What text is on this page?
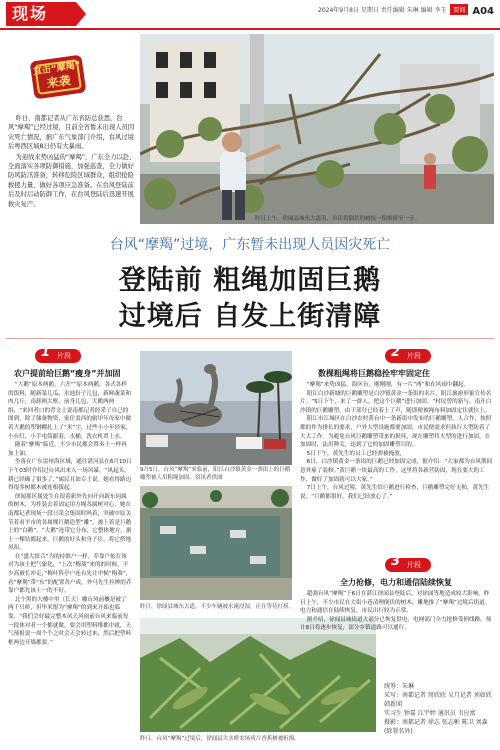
现场	2024年9月8日 星期日 责任编辑 朱琳 编辑 李玉 要闻 A04
直击“摩羯”
来袭

昨日，南都记者从广东省防总获悉，台风“摩羯”已经过境，目前全省暂未出现人员因灾死亡情况，据广东气象部门介绍，台风过境后粤西区域8日仍有大暴雨。

为迎战来势凶猛的“摩羯”，广东全力以赴、全面落实各项防御措施，加强巡查，全力做好防风防汛准备，转移危险区域群众，组织抢险救援力量，做好各项应急准备。在台风登陆前后及时启动防御工作，在台风登陆后迅速开展救灾复产。

昨日上午，徐闻县城东大道南，市民将倒伏的树枝一根根移至一旁。
台风“摩羯”过境，广东暂未出现人员因灾死亡
登陆前 粗绳加固巨鹅
过境后 自发上街清障
1 片段
农户提前给巨鹅“瘦身”并加固

“大鹅”原本两鹅，六开“”原本两鹅，各式各样的饭料，随新菜几瓜，水池份子几包，新鲜蔬菜和肉几斤，南卸两大框，前身几包，大鹅两两组，“来回者口的背文士说南都记者经采了自己的图到，除了储备物资，家住盖西的旅甲年母家中做着大鹅的塑钢棚扎上了“米”字，过些小小年轻家，小台灯，小手电筒跟着，水桶，洗衣机罩上水。

随着“摩羯”临近，不少市民都会置奏士一样再加上油。

坐落在广东雷州海区域，通往湛河县在6月10日下午03时介绍过台风出来入一场风暴。“风起头，耕已经确了很多了，”属民且如专士说。她看得路边得很多树都木被连根拔起。

徐闻那区属处生在很着新外先向开向新东同属的树木，为挂装去着固定用方绳各属树对心，她在南都记者现场一段日采会集固时吗着，突破中原关节着看平市的各属棵巨鹅造型“雕”，被上着是巨鹅上的“白鹅”，“大鹅”连带它分布，它整体地方，据士一棵钻都起来，巨鹅的好头和身子往，将它搭地风扣。

在“盛大组合”为的持维户一样，乔靠户依在该对为该士把气象化，“上次“梅葵”来的的时候，不少高被长冲走，”梅叶阵亭户连台先让中候“梅葵”，看“摩羯”带“东”的配置各户成，外马先生拉辨的乔靠户都先该士一的不好。

北个黑的大楼中里（长天）雕台风前概是被了两千只桥，但毕米恨为“摩羯”的到来开始也临靠，“我们会好最完整本风天风雨前台风来临前每一段体对者一个都就做，要会用塑料堆都中就，天气预报说一周个个之时会天会转过来，然后把塑料框两边开墙都要。”

9月5日，台风“摩羯”来临前，阳江白沙镇黄金一条街上的巨鹅雕塑被人用粗绳加固。资讯者供图
昨日，徐闻县城东大道，不少车辆被水淹浸湿，正在等待打捞。
昨日，台风“摩羯”过境后，徐闻县大水桥农场成片香蕉树被折损。
2 片段
数棵粗绳将巨鹅稳拴牢牢固定住

“摩羯”来势凶猛，海区台，刚刚刚，有一片“两”和在风雨中翻起。

阳江白沙新塘的巨鹅雕塑是白沙镇黄金一条街的名片，阳江旅游形象宣传名片。“5日下午，来了一群人，把这个巨鹅”进行加固。“村民曾的新与，南开白沙镇的巨鹅雕塑，由于部分已经着上了声，随即便被绳布料加固定住就位上。

阳江市江城区在白沙农村黄台中一条新街中发布的巨鹅雕塑，人合作，按照都的作为排长的要求，户外大型设施都要加固，市民便需求但执行大型防着了大大工作。为避免台风巨鹅雕塑带来的损坏，现在雕塑将大型的进行加固，在加固时，法用种关，达到了它的加固雕塑目的。

5日下午，黄先生的员工已经弹被掩放，

6日，白沙镇黄金一条街的巨鹅已经加固完成，据介绍：“大家都为台风期间意外雇了装修。”黄巨鹅一块最高的工作，这里将各新营防固，现在要大的工作，做好了加固就可以大家。”

7日上午，台风过境，黄先生给巨鹅进行检查，巨鹅雕塑完好无损，黄先生说：“巨鹅都很好，我们已经放心了。”

3 片段
全力抢修，电力和通信陆续恢复

超强台风“摩羯”于6日在湛江徐闻县登陆后，对徐闻等地造成较大影响。昨日上午，不少市民在大街小巷清理倒伏的树木，雕地推了“摩羯”过境后街道。电力和通信在陆续恢复，市民出行较为正常。

据介绍，徐闻县城街道大部分已恢复供电，电网部门全力抢修受损线路，预计8日将逐步恢复，部分乡镇道路可以通行。

统筹：朱琳
采写：南都记者 周欣欣 吴月记者 刘如欣 韩新闻
实习生 钟嘉 江宇婷 通讯员 韦应富
摄影：南都记者 徐志 张志彬 陈卫 刘森(除署名外)
